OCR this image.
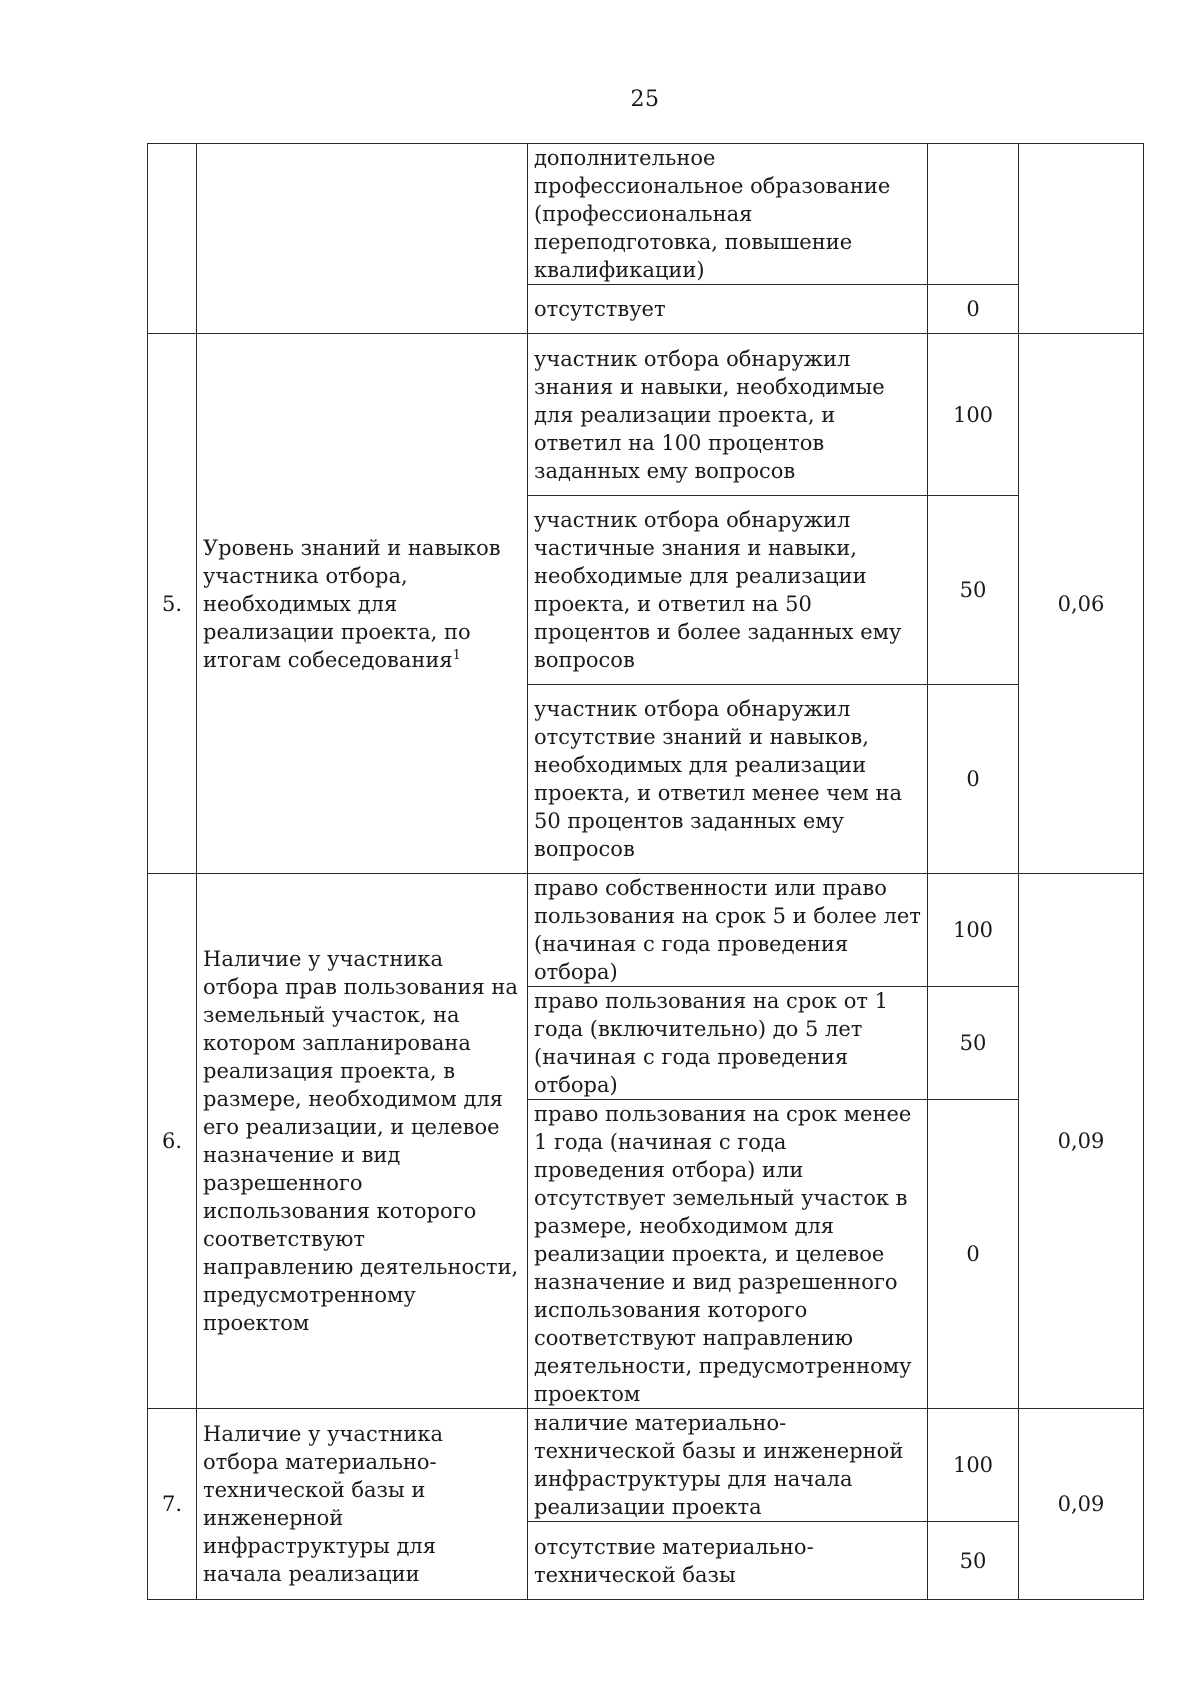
25
		дополнительное профессиональное образование (профессиональная переподготовка, повышение квалификации)		
		отсутствует	0	
5.	Уровень знаний и навыков участника отбора, необходимых для реализации проекта, по итогам собеседования$^1$	участник отбора обнаружил знания и навыки, необходимые для реализации проекта, и ответил на 100 процентов заданных ему вопросов	100	0,06
		участник отбора обнаружил частичные знания и навыки, необходимые для реализации проекта, и ответил на 50 процентов и более заданных ему вопросов	50	
		участник отбора обнаружил отсутствие знаний и навыков, необходимых для реализации проекта, и ответил менее чем на 50 процентов заданных ему вопросов	0	
6.	Наличие у участника отбора прав пользования на земельный участок, на котором запланирована реализация проекта, в размере, необходимом для его реализации, и целевое назначение и вид разрешенного использования которого соответствуют направлению деятельности, предусмотренному проектом	право собственности или право пользования на срок 5 и более лет (начиная с года проведения отбора)	100	0,09
		право пользования на срок от 1 года (включительно) до 5 лет (начиная с года проведения отбора)	50	
		право пользования на срок менее 1 года (начиная с года проведения отбора) или отсутствует земельный участок в размере, необходимом для реализации проекта, и целевое назначение и вид разрешенного использования которого соответствуют направлению деятельности, предусмотренному проектом	0	
7.	Наличие у участника отбора материально-технической базы и инженерной инфраструктуры для начала реализации	наличие материально-технической базы и инженерной инфраструктуры для начала реализации проекта	100	0,09
		отсутствие материально-технической базы	50	
